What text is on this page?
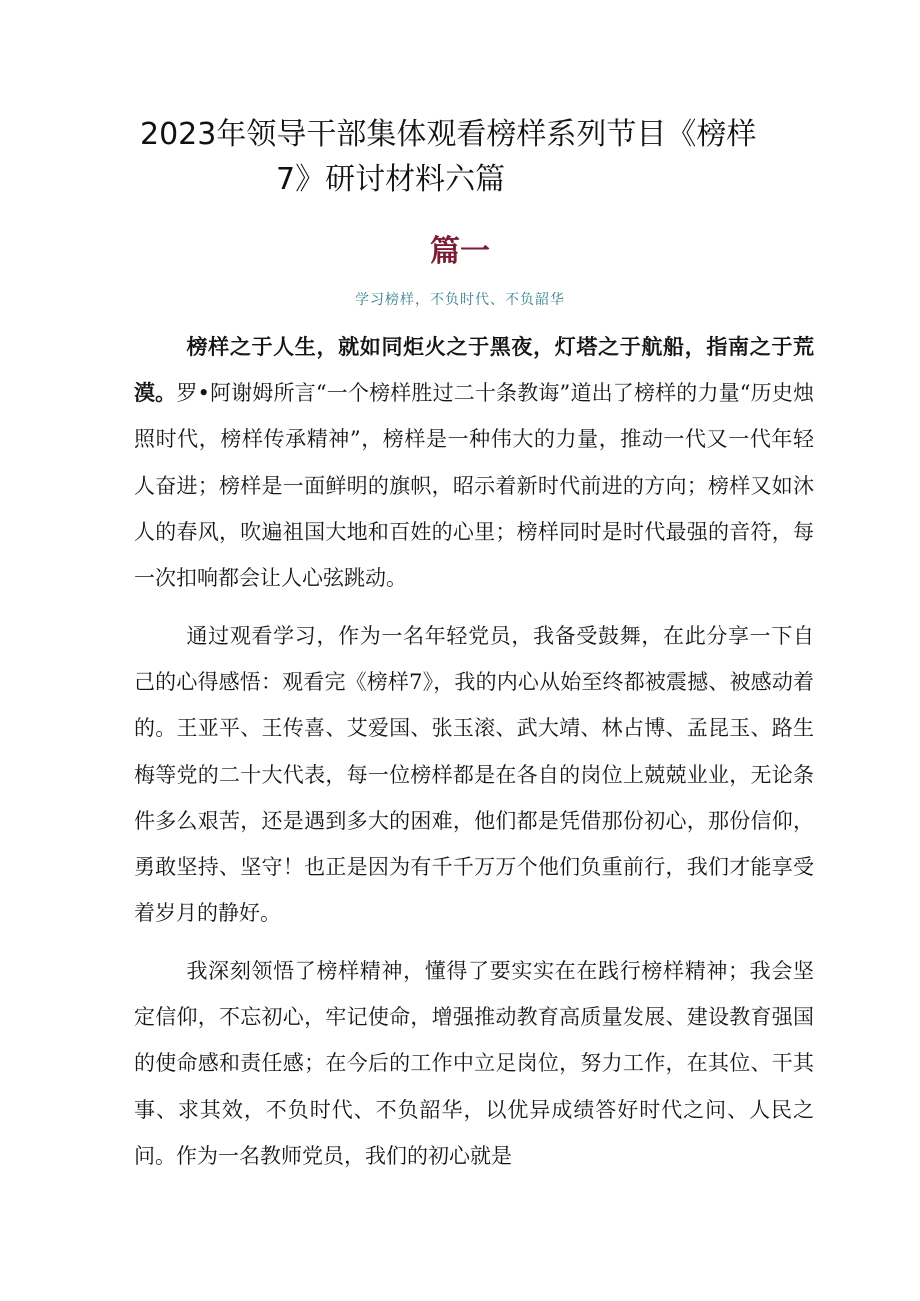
2023年领导干部集体观看榜样系列节目《榜样
7》研讨材料六篇
篇一
学习榜样，不负时代、不负韶华

榜样之于人生，就如同炬火之于黑夜，灯塔之于航船，指南之于荒漠。罗•阿谢姆所言“一个榜样胜过二十条教诲”道出了榜样的力量“历史烛照时代，榜样传承精神”，榜样是一种伟大的力量，推动一代又一代年轻人奋进；榜样是一面鲜明的旗帜，昭示着新时代前进的方向；榜样又如沐人的春风，吹遍祖国大地和百姓的心里；榜样同时是时代最强的音符，每一次扣响都会让人心弦跳动。

通过观看学习，作为一名年轻党员，我备受鼓舞，在此分享一下自己的心得感悟：观看完《榜样7》，我的内心从始至终都被震撼、被感动着的。王亚平、王传喜、艾爱国、张玉滚、武大靖、林占博、孟昆玉、路生梅等党的二十大代表，每一位榜样都是在各自的岗位上兢兢业业，无论条件多么艰苦，还是遇到多大的困难，他们都是凭借那份初心，那份信仰，勇敢坚持、坚守！也正是因为有千千万万个他们负重前行，我们才能享受着岁月的静好。

我深刻领悟了榜样精神，懂得了要实实在在践行榜样精神；我会坚定信仰，不忘初心，牢记使命，增强推动教育高质量发展、建设教育强国的使命感和责任感；在今后的工作中立足岗位，努力工作，在其位、干其事、求其效，不负时代、不负韶华，以优异成绩答好时代之问、人民之问。作为一名教师党员，我们的初心就是
